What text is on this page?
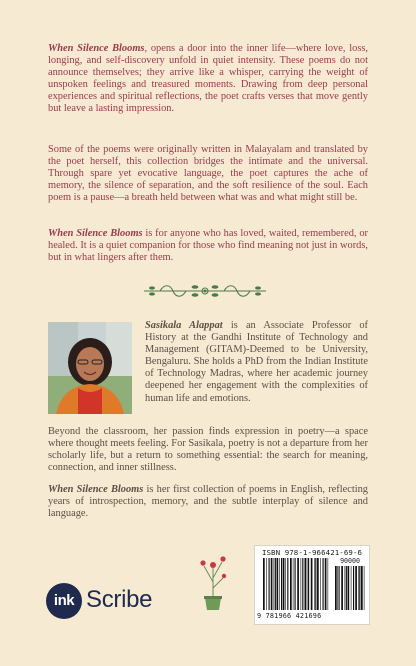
When Silence Blooms, opens a door into the inner life—where love, loss, longing, and self-discovery unfold in quiet intensity. These poems do not announce themselves; they arrive like a whisper, carrying the weight of unspoken feelings and treasured moments. Drawing from deep personal experiences and spiritual reflections, the poet crafts verses that move gently but leave a lasting impression.

Some of the poems were originally written in Malayalam and translated by the poet herself, this collection bridges the intimate and the universal. Through spare yet evocative language, the poet captures the ache of memory, the silence of separation, and the soft resilience of the soul. Each poem is a pause—a breath held between what was and what might still be.

When Silence Blooms is for anyone who has loved, waited, remembered, or healed. It is a quiet companion for those who find meaning not just in words, but in what lingers after them.

Sasikala Alappat is an Associate Professor of History at the Gandhi Institute of Technology and Management (GITAM)-Deemed to be University, Bengaluru. She holds a PhD from the Indian Institute of Technology Madras, where her academic journey deepened her engagement with the complexities of human life and emotions.

Beyond the classroom, her passion finds expression in poetry—a space where thought meets feeling. For Sasikala, poetry is not a departure from her scholarly life, but a return to something essential: the search for meaning, connection, and inner stillness.

When Silence Blooms is her first collection of poems in English, reflecting years of introspection, memory, and the subtle interplay of silence and language.

ink Scribe
ISBN 978-1-966421-69-6
90000
9 781966 421696
